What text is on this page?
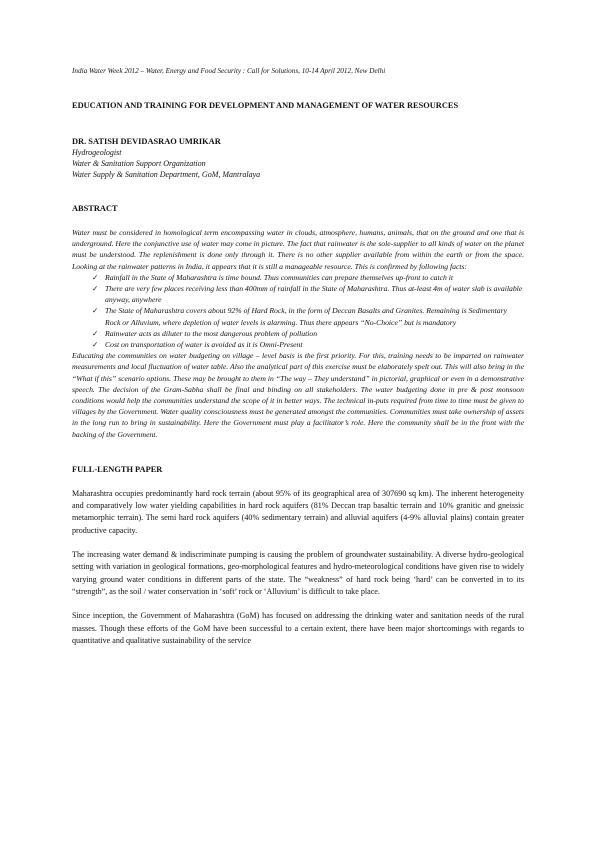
India Water Week 2012 – Water, Energy and Food Security : Call for Solutions, 10-14 April 2012, New Delhi

EDUCATION AND TRAINING FOR DEVELOPMENT AND MANAGEMENT OF WATER RESOURCES

DR. SATISH DEVIDASRAO UMRIKAR

Hydrogeologist

Water & Sanitation Support Organization

Water Supply & Sanitation Department, GoM, Mantralaya

ABSTRACT

Water must be considered in homological term encompassing water in clouds, atmosphere, humans, animals, that on the ground and one that is underground. Here the conjunctive use of water may come in picture. The fact that rainwater is the sole-supplier to all kinds of water on the planet must be understood. The replenishment is done only through it. There is no other supplier available from within the earth or from the space. Looking at the rainwater patterns in India, it appears that it is still a manageable resource. This is confirmed by following facts:

✓ Rainfall in the State of Maharashtra is time bound. Thus communities can prepare themselves up-front to catch it
✓ There are very few places receiving less than 400mm of rainfall in the State of Maharashtra. Thus at-least 4m of water slab is available anyway, anywhere
✓ The State of Maharashtra covers about 92% of Hard Rock, in the form of Deccan Basalts and Granites. Remaining is Sedimentary Rock or Alluvium, where depletion of water levels is alarming. Thus there appears “No-Choice” but is mandatory
✓ Rainwater acts as diluter to the most dangerous problem of pollution
✓ Cost on transportation of water is avoided as it is Omni-Present

Educating the communities on water budgeting on village – level basis is the first priority. For this, training needs to be imparted on rainwater measurements and local fluctuation of water table. Also the analytical part of this exercise must be elaborately spelt out. This will also bring in the “What if this” scenario options. These may be brought to them in “The way – They understand” in pictorial, graphical or even in a demonstrative speech. The decision of the Gram-Sabha shall be final and binding on all stakeholders. The water budgeting done in pre & post monsoon conditions would help the communities understand the scope of it in better ways. The technical in-puts required from time to time must be given to villages by the Government. Water quality consciousness must be generated amongst the communities. Communities must take ownership of assets in the long run to bring in sustainability. Here the Government must play a facilitator’s role. Here the community shall be in the front with the backing of the Government.

FULL-LENGTH PAPER

Maharashtra occupies predominantly hard rock terrain (about 95% of its geographical area of 307690 sq km). The inherent heterogeneity and comparatively low water yielding capabilities in hard rock aquifers (81% Deccan trap basaltic terrain and 10% granitic and gneissic metamorphic terrain). The semi hard rock aquifers (40% sedimentary terrain) and alluvial aquifers (4-9% alluvial plains) contain greater productive capacity.

The increasing water demand & indiscriminate pumping is causing the problem of groundwater sustainability. A diverse hydro-geological setting with variation in geological formations, geo-morphological features and hydro-meteorological conditions have given rise to widely varying ground water conditions in different parts of the state. The “weakness” of hard rock being ‘hard’ can be converted in to its “strength”, as the soil / water conservation in ‘soft’ rock or ‘Alluvium’ is difficult to take place.

Since inception, the Government of Maharashtra (GoM) has focused on addressing the drinking water and sanitation needs of the rural masses. Though these efforts of the GoM have been successful to a certain extent, there have been major shortcomings with regards to quantitative and qualitative sustainability of the service
